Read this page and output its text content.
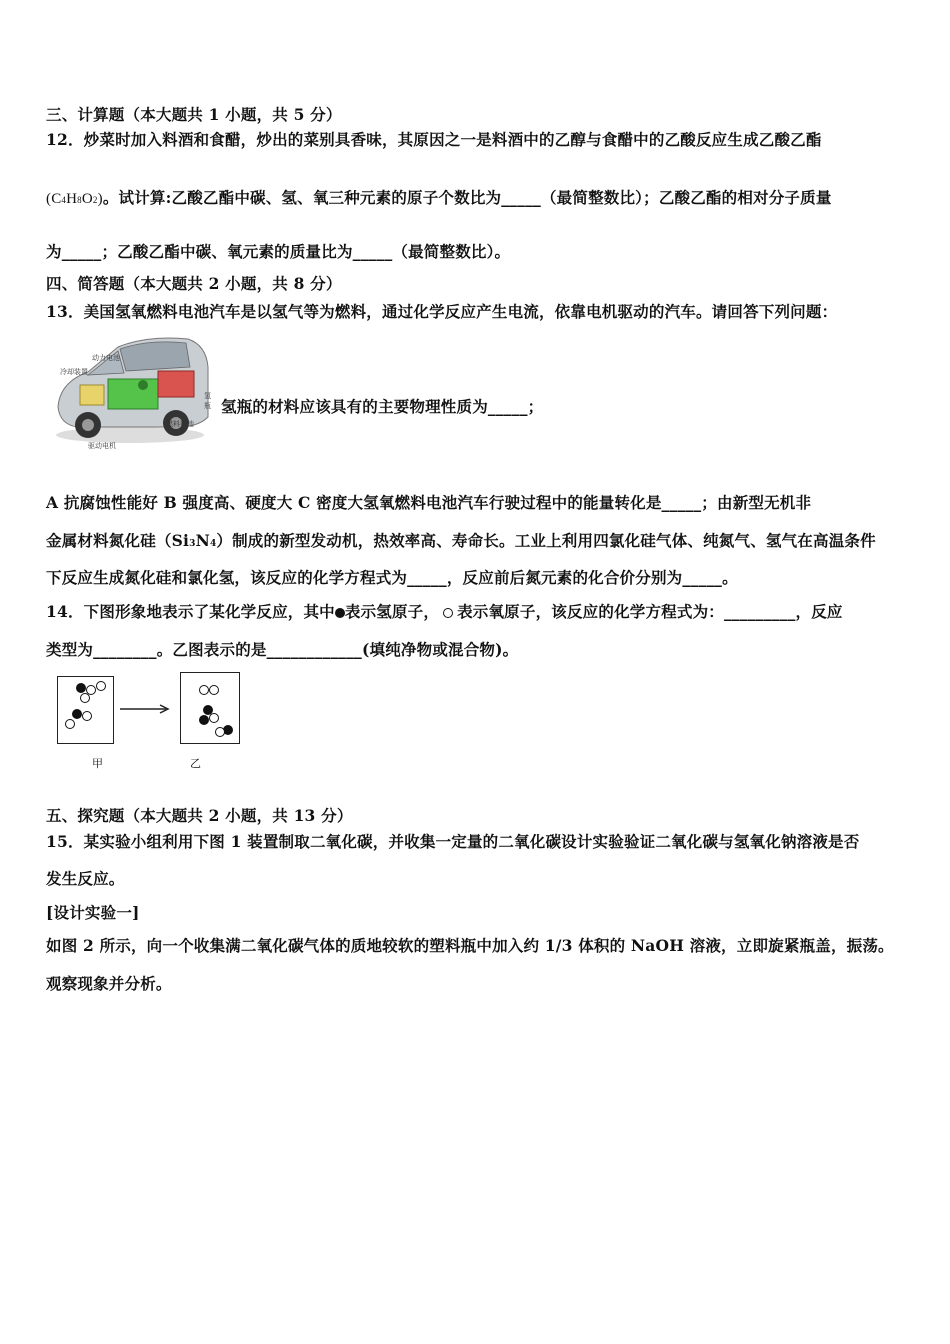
三、计算题（本大题共 1 小题，共 5 分）
12．炒菜时加入料酒和食醋，炒出的菜别具香味，其原因之一是料酒中的乙醇与食醋中的乙酸反应生成乙酸乙酯
(C4H8O2)。试计算:乙酸乙酯中碳、氢、氧三种元素的原子个数比为_____（最简整数比）；乙酸乙酯的相对分子质量
为_____；乙酸乙酯中碳、氧元素的质量比为_____（最简整数比）。
四、简答题（本大题共 2 小题，共 8 分）
13．美国氢氧燃料电池汽车是以氢气等为燃料，通过化学反应产生电流，依靠电机驱动的汽车。请回答下列问题：
动力电池
冷却装置
氢瓶
燃料电池
驱动电机
氢瓶的材料应该具有的主要物理性质为_____；
A 抗腐蚀性能好 B 强度高、硬度大 C 密度大氢氧燃料电池汽车行驶过程中的能量转化是_____；由新型无机非
金属材料氮化硅（Si3N4）制成的新型发动机，热效率高、寿命长。工业上利用四氯化硅气体、纯氮气、氢气在高温条件
下反应生成氮化硅和氯化氢，该反应的化学方程式为_____，反应前后氮元素的化合价分别为_____。
14．下图形象地表示了某化学反应，其中 表示氢原子， 表示氧原子，该反应的化学方程式为：_________，反应
类型为________。乙图表示的是____________(填纯净物或混合物)。
甲	乙
五、探究题（本大题共 2 小题，共 13 分）
15．某实验小组利用下图 1 装置制取二氧化碳，并收集一定量的二氧化碳设计实验验证二氧化碳与氢氧化钠溶液是否
发生反应。
[设计实验一]
如图 2 所示，向一个收集满二氧化碳气体的质地较软的塑料瓶中加入约 1/3 体积的 NaOH 溶液，立即旋紧瓶盖，振荡。
观察现象并分析。
